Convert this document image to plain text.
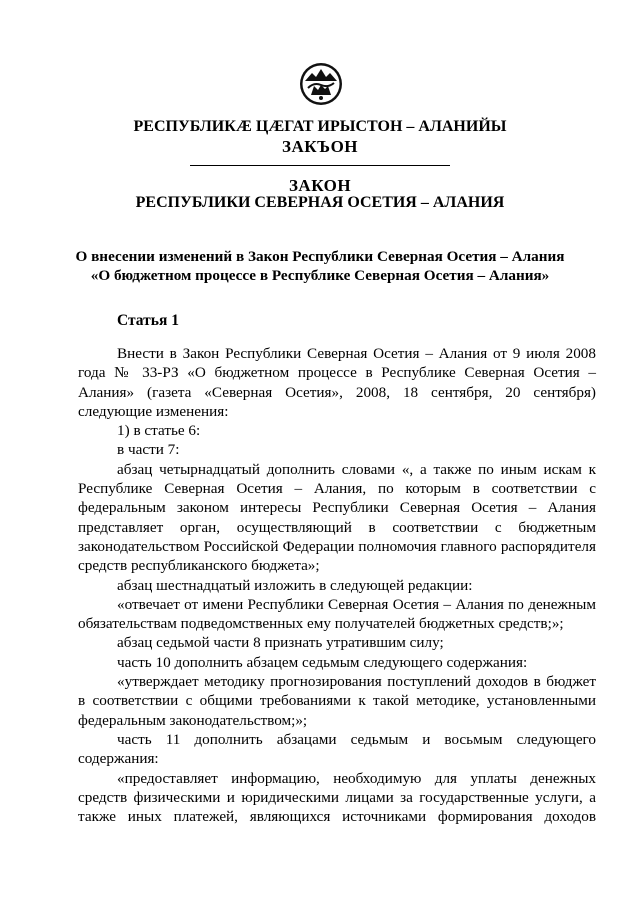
РЕСПУБЛИКӔ ЦӔГАТ ИРЫСТОН – АЛАНИЙЫ
ЗАКЪОН
ЗАКОН
РЕСПУБЛИКИ СЕВЕРНАЯ ОСЕТИЯ – АЛАНИЯ
О внесении изменений в Закон Республики Северная Осетия – Алания
«О бюджетном процессе в Республике Северная Осетия – Алания»
Статья 1

Внести в Закон Республики Северная Осетия – Алания от 9 июля 2008 года № 33-РЗ «О бюджетном процессе в Республике Северная Осетия – Алания» (газета «Северная Осетия», 2008, 18 сентября, 20 сентября) следующие изменения:

1) в статье 6:

в части 7:

абзац четырнадцатый дополнить словами «, а также по иным искам к Республике Северная Осетия – Алания, по которым в соответствии с федеральным законом интересы Республики Северная Осетия – Алания представляет орган, осуществляющий в соответствии с бюджетным законодательством Российской Федерации полномочия главного распорядителя средств республиканского бюджета»;

абзац шестнадцатый изложить в следующей редакции:

«отвечает от имени Республики Северная Осетия – Алания по денежным обязательствам подведомственных ему получателей бюджетных средств;»;

абзац седьмой части 8 признать утратившим силу;

часть 10 дополнить абзацем седьмым следующего содержания:

«утверждает методику прогнозирования поступлений доходов в бюджет в соответствии с общими требованиями к такой методике, установленными федеральным законодательством;»;

часть 11 дополнить абзацами седьмым и восьмым следующего содержания:

«предоставляет информацию, необходимую для уплаты денежных средств физическими и юридическими лицами за государственные услуги, а также иных платежей, являющихся источниками формирования доходов
